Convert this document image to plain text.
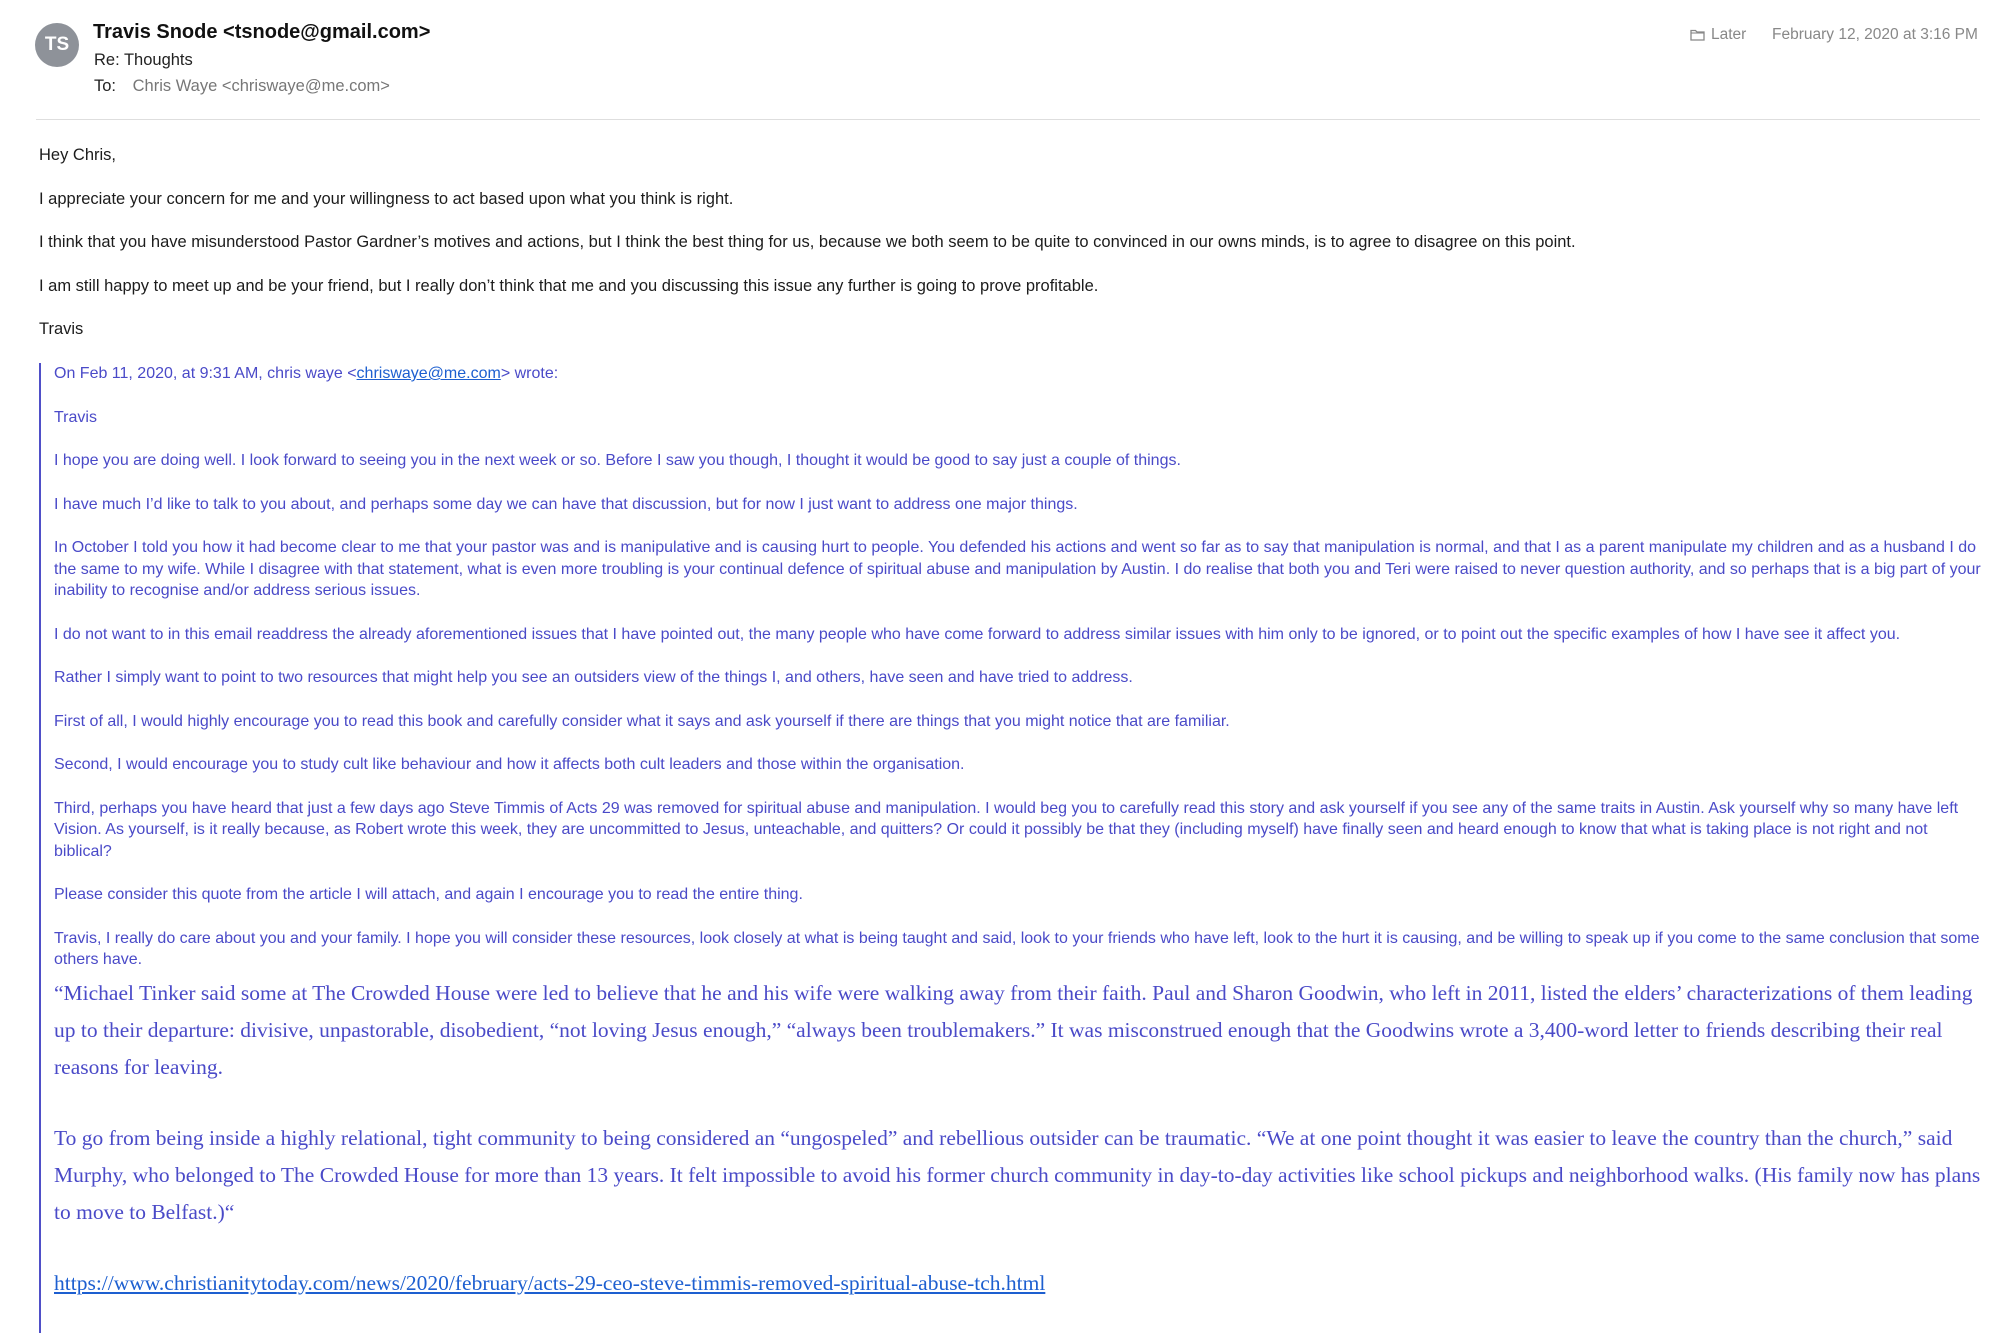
TS
Travis Snode <tsnode@gmail.com>
Re: Thoughts
To: Chris Waye <chriswaye@me.com>
Later February 12, 2020 at 3:16 PM

Hey Chris,

I appreciate your concern for me and your willingness to act based upon what you think is right.

I think that you have misunderstood Pastor Gardner’s motives and actions, but I think the best thing for us, because we both seem to be quite to convinced in our owns minds, is to agree to disagree on this point.

I am still happy to meet up and be your friend, but I really don’t think that me and you discussing this issue any further is going to prove profitable.

Travis

On Feb 11, 2020, at 9:31 AM, chris waye <chriswaye@me.com> wrote:

Travis

I hope you are doing well. I look forward to seeing you in the next week or so. Before I saw you though, I thought it would be good to say just a couple of things.

I have much I’d like to talk to you about, and perhaps some day we can have that discussion, but for now I just want to address one major things.

In October I told you how it had become clear to me that your pastor was and is manipulative and is causing hurt to people. You defended his actions and went so far as to say that manipulation is normal, and that I as a parent manipulate my children and as a husband I do the same to my wife. While I disagree with that statement, what is even more troubling is your continual defence of spiritual abuse and manipulation by Austin. I do realise that both you and Teri were raised to never question authority, and so perhaps that is a big part of your inability to recognise and/or address serious issues.

I do not want to in this email readdress the already aforementioned issues that I have pointed out, the many people who have come forward to address similar issues with him only to be ignored, or to point out the specific examples of how I have see it affect you.

Rather I simply want to point to two resources that might help you see an outsiders view of the things I, and others, have seen and have tried to address.

First of all, I would highly encourage you to read this book and carefully consider what it says and ask yourself if there are things that you might notice that are familiar.

Second, I would encourage you to study cult like behaviour and how it affects both cult leaders and those within the organisation.

Third, perhaps you have heard that just a few days ago Steve Timmis of Acts 29 was removed for spiritual abuse and manipulation. I would beg you to carefully read this story and ask yourself if you see any of the same traits in Austin. Ask yourself why so many have left Vision. As yourself, is it really because, as Robert wrote this week, they are uncommitted to Jesus, unteachable, and quitters? Or could it possibly be that they (including myself) have finally seen and heard enough to know that what is taking place is not right and not biblical?

Please consider this quote from the article I will attach, and again I encourage you to read the entire thing.

Travis, I really do care about you and your family. I hope you will consider these resources, look closely at what is being taught and said, look to your friends who have left, look to the hurt it is causing, and be willing to speak up if you come to the same conclusion that some others have.

“Michael Tinker said some at The Crowded House were led to believe that he and his wife were walking away from their faith. Paul and Sharon Goodwin, who left in 2011, listed the elders’ characterizations of them leading up to their departure: divisive, unpastorable, disobedient, “not loving Jesus enough,” “always been troublemakers.” It was misconstrued enough that the Goodwins wrote a 3,400-word letter to friends describing their real reasons for leaving.

To go from being inside a highly relational, tight community to being considered an “ungospeled” and rebellious outsider can be traumatic. “We at one point thought it was easier to leave the country than the church,” said Murphy, who belonged to The Crowded House for more than 13 years. It felt impossible to avoid his former church community in day-to-day activities like school pickups and neighborhood walks. (His family now has plans to move to Belfast.)“

https://www.christianitytoday.com/news/2020/february/acts-29-ceo-steve-timmis-removed-spiritual-abuse-tch.html
